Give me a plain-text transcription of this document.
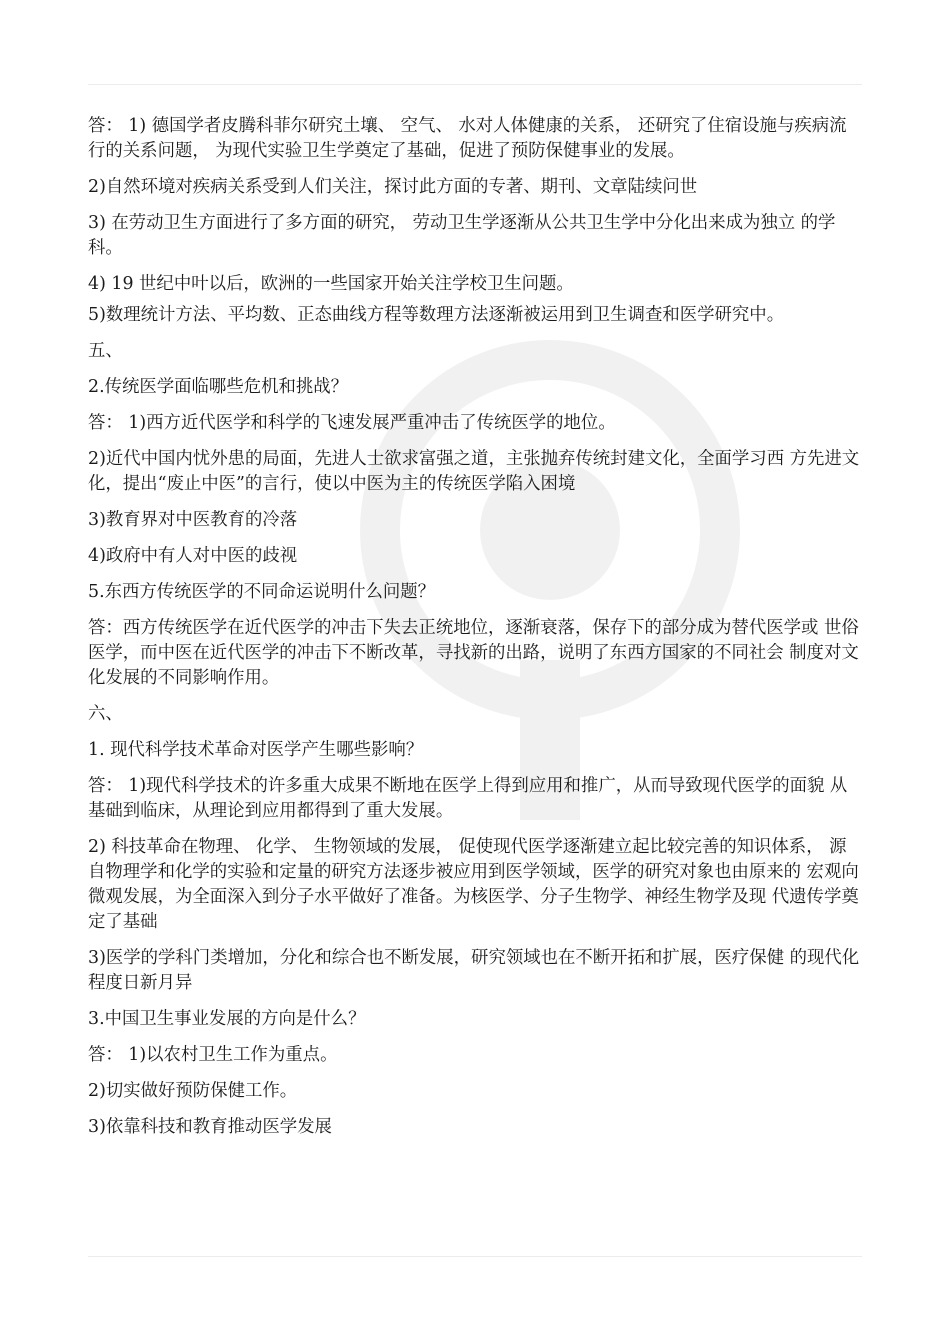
答： 1) 德国学者皮腾科菲尔研究土壤、 空气、 水对人体健康的关系， 还研究了住宿设施与疾病流行的关系问题， 为现代实验卫生学奠定了基础，促进了预防保健事业的发展。

2)自然环境对疾病关系受到人们关注，探讨此方面的专著、期刊、文章陆续问世

3) 在劳动卫生方面进行了多方面的研究， 劳动卫生学逐渐从公共卫生学中分化出来成为独立 的学科。

4) 19 世纪中叶以后，欧洲的一些国家开始关注学校卫生问题。

5)数理统计方法、平均数、正态曲线方程等数理方法逐渐被运用到卫生调查和医学研究中。

五、

2.传统医学面临哪些危机和挑战？

答： 1)西方近代医学和科学的飞速发展严重冲击了传统医学的地位。

2)近代中国内忧外患的局面，先进人士欲求富强之道，主张抛弃传统封建文化，全面学习西 方先进文化，提出“废止中医”的言行，使以中医为主的传统医学陷入困境

3)教育界对中医教育的冷落

4)政府中有人对中医的歧视

5.东西方传统医学的不同命运说明什么问题？

答：西方传统医学在近代医学的冲击下失去正统地位，逐渐衰落，保存下的部分成为替代医学或 世俗医学，而中医在近代医学的冲击下不断改革，寻找新的出路，说明了东西方国家的不同社会 制度对文化发展的不同影响作用。

六、

1. 现代科学技术革命对医学产生哪些影响？

答： 1)现代科学技术的许多重大成果不断地在医学上得到应用和推广，从而导致现代医学的面貌 从基础到临床，从理论到应用都得到了重大发展。

2) 科技革命在物理、 化学、 生物领域的发展， 促使现代医学逐渐建立起比较完善的知识体系， 源自物理学和化学的实验和定量的研究方法逐步被应用到医学领域，医学的研究对象也由原来的 宏观向微观发展，为全面深入到分子水平做好了准备。为核医学、分子生物学、神经生物学及现 代遗传学奠定了基础

3)医学的学科门类增加，分化和综合也不断发展，研究领域也在不断开拓和扩展，医疗保健 的现代化程度日新月异

3.中国卫生事业发展的方向是什么？

答： 1)以农村卫生工作为重点。

2)切实做好预防保健工作。

3)依靠科技和教育推动医学发展
